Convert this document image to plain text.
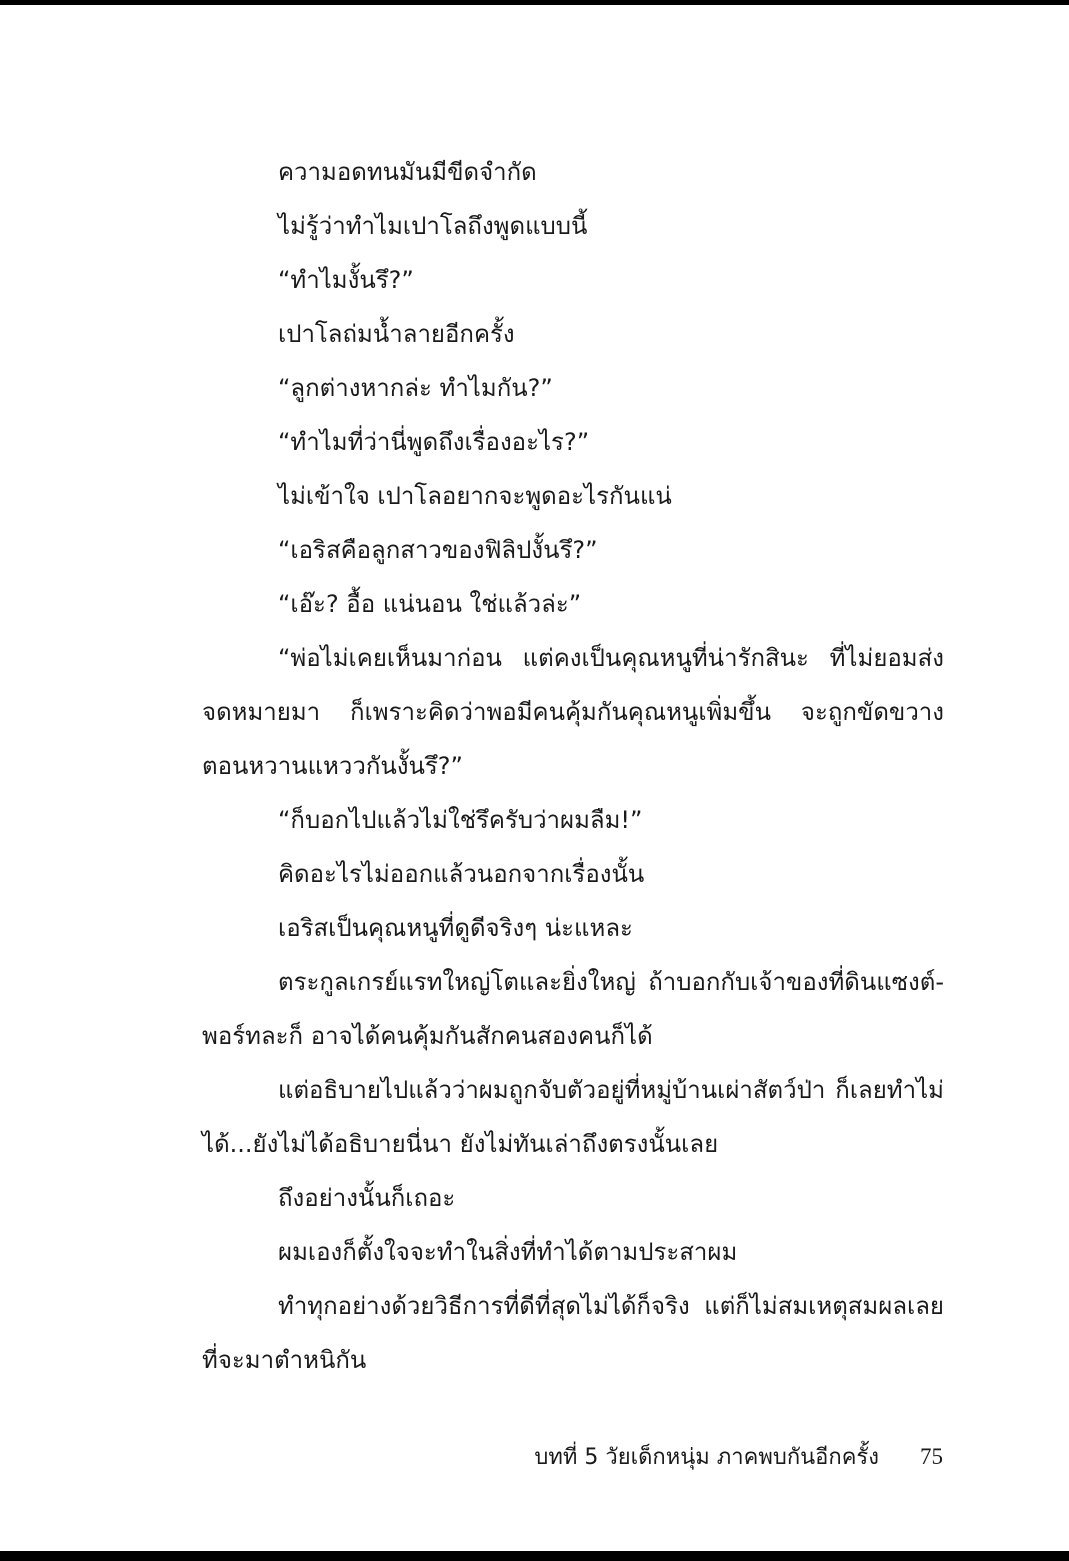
ความอดทนมันมีขีดจำกัด

ไม่รู้ว่าทำไมเปาโลถึงพูดแบบนี้

“ทำไมงั้นรึ?”

เปาโลถ่มน้ำลายอีกครั้ง

“ลูกต่างหากล่ะ ทำไมกัน?”

“ทำไมที่ว่านี่พูดถึงเรื่องอะไร?”

ไม่เข้าใจ เปาโลอยากจะพูดอะไรกันแน่

“เอริสคือลูกสาวของฟิลิปงั้นรึ?”

“เอ๊ะ? อื้อ แน่นอน ใช่แล้วล่ะ”

“พ่อไม่เคยเห็นมาก่อน แต่คงเป็นคุณหนูที่น่ารักสินะ ที่ไม่ยอมส่งจดหมายมา ก็เพราะคิดว่าพอมีคนคุ้มกันคุณหนูเพิ่มขึ้น จะถูกขัดขวางตอนหวานแหววกันงั้นรึ?”

“ก็บอกไปแล้วไม่ใช่รึครับว่าผมลืม!”

คิดอะไรไม่ออกแล้วนอกจากเรื่องนั้น

เอริสเป็นคุณหนูที่ดูดีจริงๆ น่ะแหละ

ตระกูลเกรย์แรทใหญ่โตและยิ่งใหญ่ ถ้าบอกกับเจ้าของที่ดินแซงต์-พอร์ทละก็ อาจได้คนคุ้มกันสักคนสองคนก็ได้

แต่อธิบายไปแล้วว่าผมถูกจับตัวอยู่ที่หมู่บ้านเผ่าสัตว์ป่า ก็เลยทำไม่ได้...ยังไม่ได้อธิบายนี่นา ยังไม่ทันเล่าถึงตรงนั้นเลย

ถึงอย่างนั้นก็เถอะ

ผมเองก็ตั้งใจจะทำในสิ่งที่ทำได้ตามประสาผม

ทำทุกอย่างด้วยวิธีการที่ดีที่สุดไม่ได้ก็จริง แต่ก็ไม่สมเหตุสมผลเลยที่จะมาตำหนิกัน

บทที่ 5 วัยเด็กหนุ่ม ภาคพบกันอีกครั้ง 75
